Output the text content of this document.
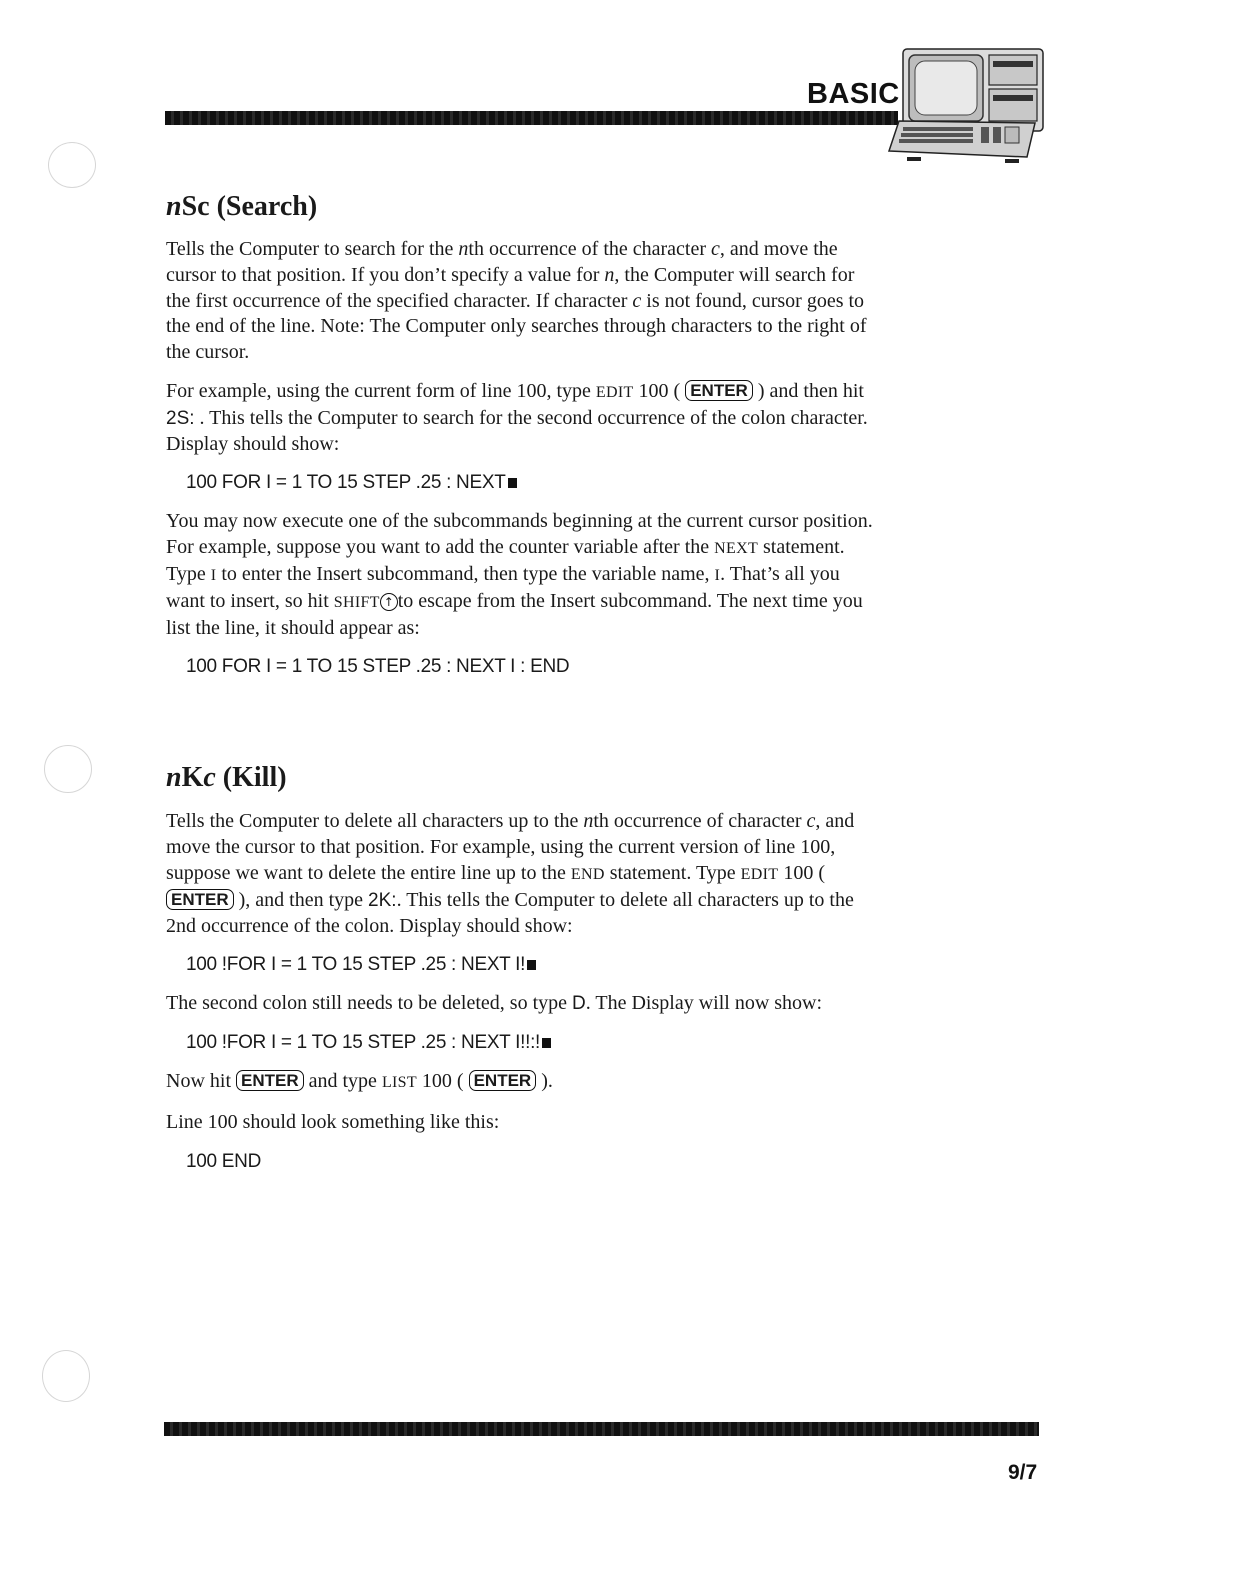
BASIC
nSc (Search)

Tells the Computer to search for the nth occurrence of the character c, and move the cursor to that position. If you don’t specify a value for n, the Computer will search for the first occurrence of the specified character. If character c is not found, cursor goes to the end of the line. Note: The Computer only searches through characters to the right of the cursor.

For example, using the current form of line 100, type EDIT 100 ( ENTER ) and then hit 2S: . This tells the Computer to search for the second occurrence of the colon character. Display should show:

100 FOR I = 1 TO 15 STEP .25 : NEXT

You may now execute one of the subcommands beginning at the current cursor position. For example, suppose you want to add the counter variable after the NEXT statement. Type I to enter the Insert subcommand, then type the variable name, I. That’s all you want to insert, so hit SHIFT ↑ to escape from the Insert subcommand. The next time you list the line, it should appear as:

100 FOR I = 1 TO 15 STEP .25 : NEXT I : END

nKc (Kill)

Tells the Computer to delete all characters up to the nth occurrence of character c, and move the cursor to that position. For example, using the current version of line 100, suppose we want to delete the entire line up to the END statement. Type EDIT 100 ( ENTER ), and then type 2K:. This tells the Computer to delete all characters up to the 2nd occurrence of the colon. Display should show:

100 !FOR I = 1 TO 15 STEP .25 : NEXT I!

The second colon still needs to be deleted, so type D. The Display will now show:

100 !FOR I = 1 TO 15 STEP .25 : NEXT I!!:!

Now hit ENTER and type LIST 100 ( ENTER ).

Line 100 should look something like this:

100 END

9/7
